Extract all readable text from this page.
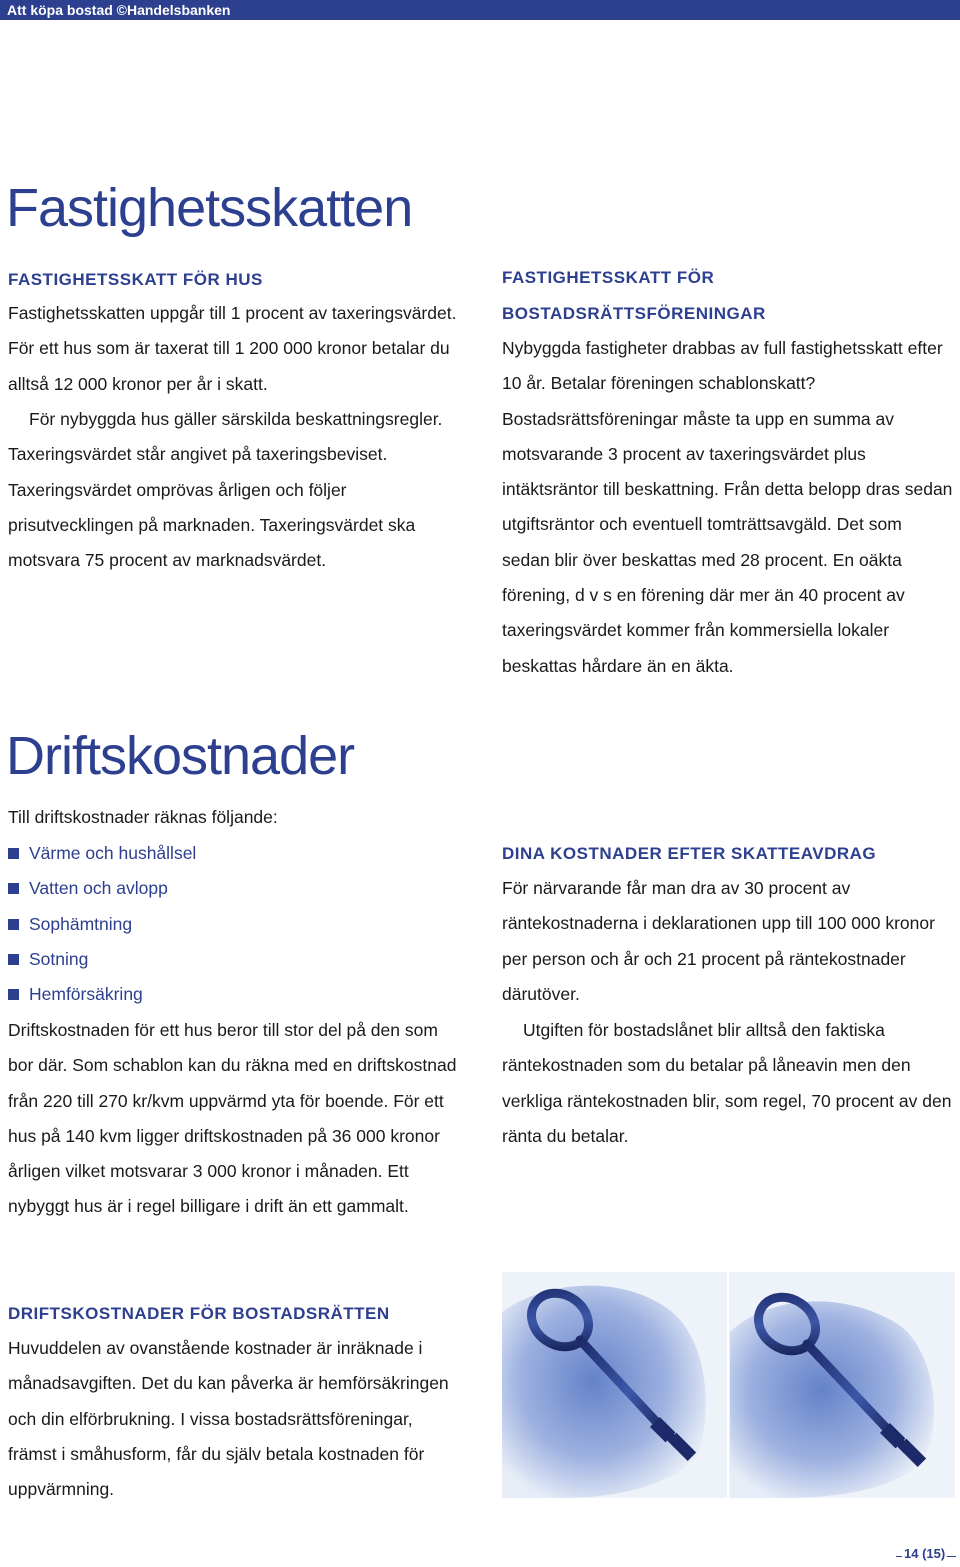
Att köpa bostad ©Handelsbanken
Fastighetsskatten
FASTIGHETSSKATT FÖR HUS

Fastighetsskatten uppgår till 1 procent av taxeringsvärdet. För ett hus som är taxerat till 1 200 000 kronor betalar du alltså 12 000 kronor per år i skatt.

För nybyggda hus gäller särskilda beskattningsregler. Taxeringsvärdet står angivet på taxeringsbeviset. Taxeringsvärdet omprövas årligen och följer prisutvecklingen på marknaden. Taxeringsvärdet ska motsvara 75 procent av marknadsvärdet.

FASTIGHETSSKATT FÖR BOSTADSRÄTTSFÖRENINGAR

Nybyggda fastigheter drabbas av full fastighetsskatt efter 10 år. Betalar föreningen schablonskatt? Bostadsrättsföreningar måste ta upp en summa av motsvarande 3 procent av taxeringsvärdet plus intäktsräntor till beskattning. Från detta belopp dras sedan utgiftsräntor och eventuell tomträttsavgäld. Det som sedan blir över beskattas med 28 procent. En oäkta förening, d v s en förening där mer än 40 procent av taxeringsvärdet kommer från kommersiella lokaler beskattas hårdare än en äkta.

Driftskostnader

Till driftskostnader räknas följande:

Värme och hushållsel
Vatten och avlopp
Sophämtning
Sotning
Hemförsäkring

Driftskostnaden för ett hus beror till stor del på den som bor där. Som schablon kan du räkna med en driftskostnad från 220 till 270 kr/kvm uppvärmd yta för boende. För ett hus på 140 kvm ligger driftskostnaden på 36 000 kronor årligen vilket motsvarar 3 000 kronor i månaden. Ett nybyggt hus är i regel billigare i drift än ett gammalt.

DINA KOSTNADER EFTER SKATTEAVDRAG

För närvarande får man dra av 30 procent av räntekostnaderna i deklarationen upp till 100 000 kronor per person och år och 21 procent på räntekostnader därutöver.

Utgiften för bostadslånet blir alltså den faktiska räntekostnaden som du betalar på låneavin men den verkliga räntekostnaden blir, som regel, 70 procent av den ränta du betalar.

DRIFTSKOSTNADER FÖR BOSTADSRÄTTEN

Huvuddelen av ovanstående kostnader är inräknade i månadsavgiften. Det du kan påverka är hemförsäkringen och din elförbrukning. I vissa bostadsrättsföreningar, främst i småhusform, får du själv betala kostnaden för uppvärmning.

14 (15)
